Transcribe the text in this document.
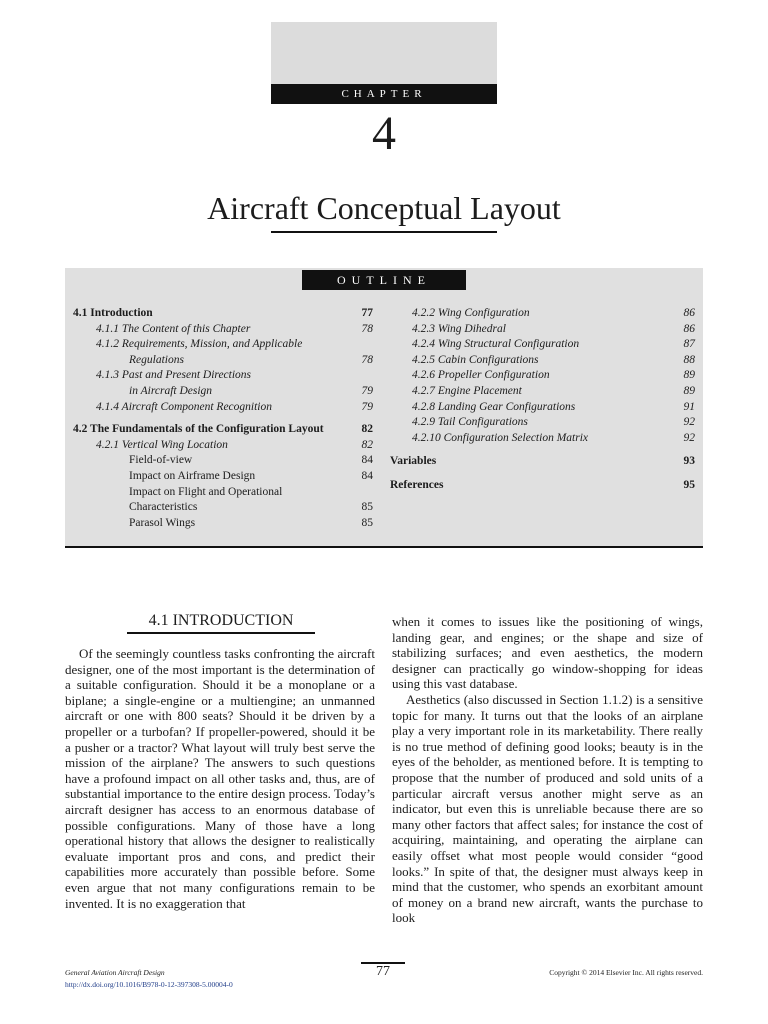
CHAPTER
4
Aircraft Conceptual Layout
OUTLINE
4.1 Introduction	77
4.1.1 The Content of this Chapter	78
4.1.2 Requirements, Mission, and Applicable
Regulations	78
4.1.3 Past and Present Directions
in Aircraft Design	79
4.1.4 Aircraft Component Recognition	79
4.2 The Fundamentals of the Configuration Layout	82
4.2.1 Vertical Wing Location	82
Field-of-view	84
Impact on Airframe Design	84
Impact on Flight and Operational
Characteristics	85
Parasol Wings	85
4.2.2 Wing Configuration	86
4.2.3 Wing Dihedral	86
4.2.4 Wing Structural Configuration	87
4.2.5 Cabin Configurations	88
4.2.6 Propeller Configuration	89
4.2.7 Engine Placement	89
4.2.8 Landing Gear Configurations	91
4.2.9 Tail Configurations	92
4.2.10 Configuration Selection Matrix	92
Variables	93
References	95
4.1 INTRODUCTION

Of the seemingly countless tasks confronting the aircraft designer, one of the most important is the determination of a suitable configuration. Should it be a monoplane or a biplane; a single-engine or a multiengine; an unmanned aircraft or one with 800 seats? Should it be driven by a propeller or a turbofan? If propeller-powered, should it be a pusher or a tractor? What layout will truly best serve the mission of the airplane? The answers to such questions have a profound impact on all other tasks and, thus, are of substantial importance to the entire design process. Today’s aircraft designer has access to an enormous database of possible configurations. Many of those have a long operational history that allows the designer to realistically evaluate important pros and cons, and predict their capabilities more accurately than possible before. Some even argue that not many configurations remain to be invented. It is no exaggeration that

when it comes to issues like the positioning of wings, landing gear, and engines; or the shape and size of stabilizing surfaces; and even aesthetics, the modern designer can practically go window-shopping for ideas using this vast database.

Aesthetics (also discussed in Section 1.1.2) is a sensitive topic for many. It turns out that the looks of an airplane play a very important role in its marketability. There really is no true method of defining good looks; beauty is in the eyes of the beholder, as mentioned before. It is tempting to propose that the number of produced and sold units of a particular aircraft versus another might serve as an indicator, but even this is unreliable because there are so many other factors that affect sales; for instance the cost of acquiring, maintaining, and operating the airplane can easily offset what most people would consider “good looks.” In spite of that, the designer must always keep in mind that the customer, who spends an exorbitant amount of money on a brand new aircraft, wants the purchase to look

77
General Aviation Aircraft Design
http://dx.doi.org/10.1016/B978-0-12-397308-5.00004-0
Copyright © 2014 Elsevier Inc. All rights reserved.
